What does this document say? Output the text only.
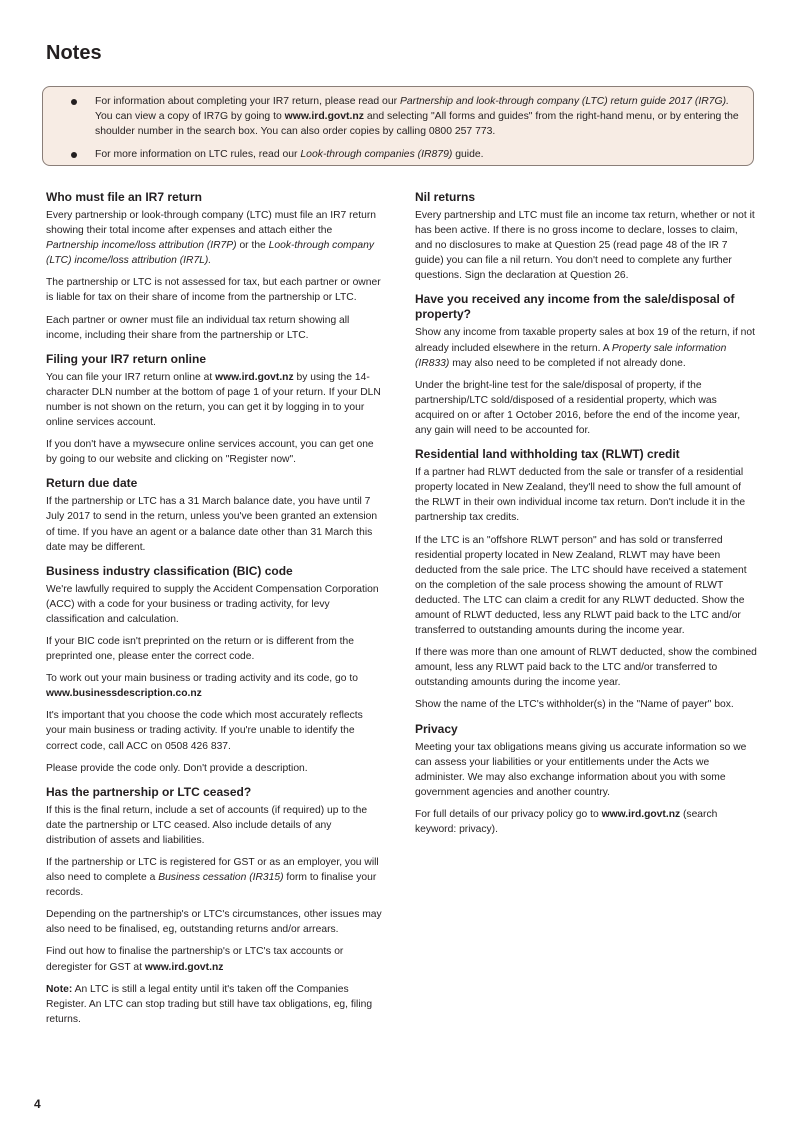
Notes
For information about completing your IR7 return, please read our Partnership and look-through company (LTC) return guide 2017 (IR7G). You can view a copy of IR7G by going to www.ird.govt.nz and selecting "All forms and guides" from the right-hand menu, or by entering the shoulder number in the search box. You can also order copies by calling 0800 257 773.
For more information on LTC rules, read our Look-through companies (IR879) guide.
Who must file an IR7 return

Every partnership or look-through company (LTC) must file an IR7 return showing their total income after expenses and attach either the Partnership income/loss attribution (IR7P) or the Look-through company (LTC) income/loss attribution (IR7L).

The partnership or LTC is not assessed for tax, but each partner or owner is liable for tax on their share of income from the partnership or LTC.

Each partner or owner must file an individual tax return showing all income, including their share from the partnership or LTC.

Filing your IR7 return online

You can file your IR7 return online at www.ird.govt.nz by using the 14-character DLN number at the bottom of page 1 of your return. If your DLN number is not shown on the return, you can get it by logging in to your online services account.

If you don't have a mywsecure online services account, you can get one by going to our website and clicking on "Register now".

Return due date

If the partnership or LTC has a 31 March balance date, you have until 7 July 2017 to send in the return, unless you've been granted an extension of time. If you have an agent or a balance date other than 31 March this date may be different.

Business industry classification (BIC) code

We're lawfully required to supply the Accident Compensation Corporation (ACC) with a code for your business or trading activity, for levy classification and calculation.

If your BIC code isn't preprinted on the return or is different from the preprinted one, please enter the correct code.

To work out your main business or trading activity and its code, go to www.businessdescription.co.nz

It's important that you choose the code which most accurately reflects your main business or trading activity. If you're unable to identify the correct code, call ACC on 0508 426 837.

Please provide the code only. Don't provide a description.

Has the partnership or LTC ceased?

If this is the final return, include a set of accounts (if required) up to the date the partnership or LTC ceased. Also include details of any distribution of assets and liabilities.

If the partnership or LTC is registered for GST or as an employer, you will also need to complete a Business cessation (IR315) form to finalise your records.

Depending on the partnership's or LTC's circumstances, other issues may also need to be finalised, eg, outstanding returns and/or arrears.

Find out how to finalise the partnership's or LTC's tax accounts or deregister for GST at www.ird.govt.nz

Note: An LTC is still a legal entity until it's taken off the Companies Register. An LTC can stop trading but still have tax obligations, eg, filing returns.

Nil returns

Every partnership and LTC must file an income tax return, whether or not it has been active. If there is no gross income to declare, losses to claim, and no disclosures to make at Question 25 (read page 48 of the IR 7 guide) you can file a nil return. You don't need to complete any further questions. Sign the declaration at Question 26.

Have you received any income from the sale/disposal of property?

Show any income from taxable property sales at box 19 of the return, if not already included elsewhere in the return. A Property sale information (IR833) may also need to be completed if not already done.

Under the bright-line test for the sale/disposal of property, if the partnership/LTC sold/disposed of a residential property, which was acquired on or after 1 October 2016, before the end of the income year, any gain will need to be accounted for.

Residential land withholding tax (RLWT) credit

If a partner had RLWT deducted from the sale or transfer of a residential property located in New Zealand, they'll need to show the full amount of the RLWT in their own individual income tax return. Don't include it in the partnership tax credits.

If the LTC is an "offshore RLWT person" and has sold or transferred residential property located in New Zealand, RLWT may have been deducted from the sale price. The LTC should have received a statement on the completion of the sale process showing the amount of RLWT deducted. The LTC can claim a credit for any RLWT deducted. Show the amount of RLWT deducted, less any RLWT paid back to the LTC and/or transferred to outstanding amounts during the income year.

If there was more than one amount of RLWT deducted, show the combined amount, less any RLWT paid back to the LTC and/or transferred to outstanding amounts during the income year.

Show the name of the LTC's withholder(s) in the "Name of payer" box.

Privacy

Meeting your tax obligations means giving us accurate information so we can assess your liabilities or your entitlements under the Acts we administer. We may also exchange information about you with some government agencies and another country.

For full details of our privacy policy go to www.ird.govt.nz (search keyword: privacy).

4
